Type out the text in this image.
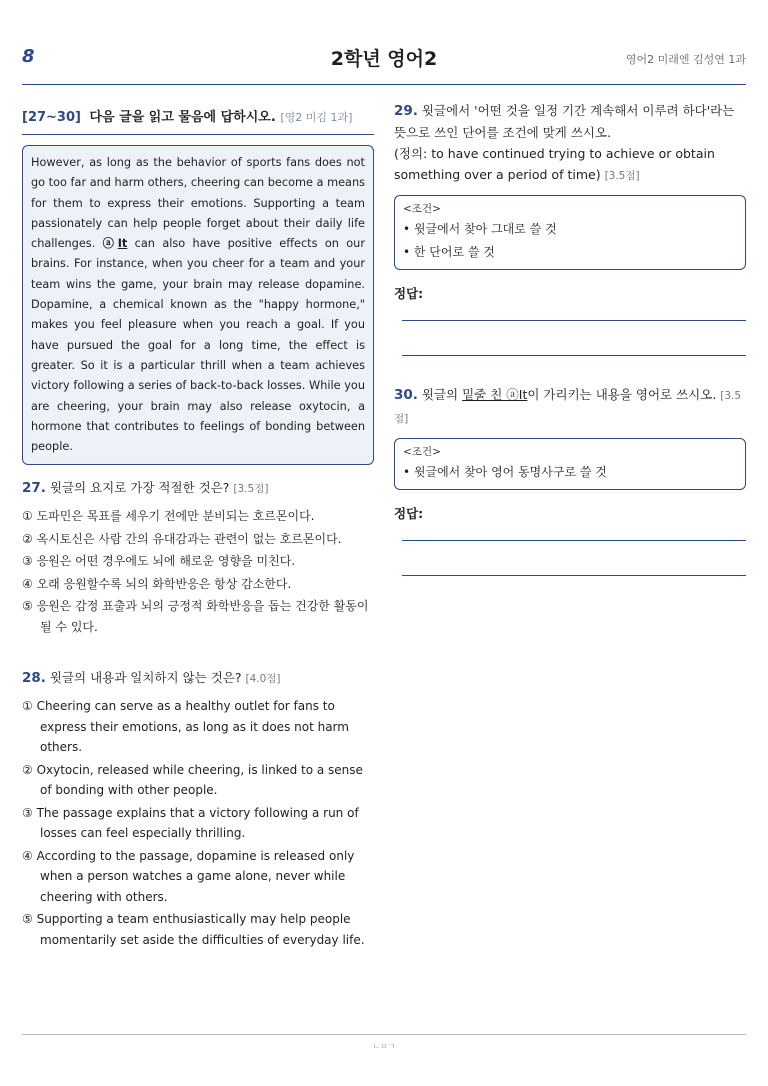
8	2학년 영어2	영어2 미래엔 김성연 1과
[27~30] 다음 글을 읽고 물음에 답하시오. [영2 미김 1과]
However, as long as the behavior of sports fans does not go too far and harm others, cheering can become a means for them to express their emotions. Supporting a team passionately can help people forget about their daily life challenges. ⓐIt can also have positive effects on our brains. For instance, when you cheer for a team and your team wins the game, your brain may release dopamine. Dopamine, a chemical known as the "happy hormone," makes you feel pleasure when you reach a goal. If you have pursued the goal for a long time, the effect is greater. So it is a particular thrill when a team achieves victory following a series of back-to-back losses. While you are cheering, your brain may also release oxytocin, a hormone that contributes to feelings of bonding between people.
27. 윗글의 요지로 가장 적절한 것은? [3.5점]
① 도파민은 목표를 세우기 전에만 분비되는 호르몬이다.
② 옥시토신은 사람 간의 유대감과는 관련이 없는 호르몬이다.
③ 응원은 어떤 경우에도 뇌에 해로운 영향을 미친다.
④ 오래 응원할수록 뇌의 화학반응은 항상 감소한다.
⑤ 응원은 감정 표출과 뇌의 긍정적 화학반응을 돕는 건강한 활동이 될 수 있다.
28. 윗글의 내용과 일치하지 않는 것은? [4.0점]
① Cheering can serve as a healthy outlet for fans to express their emotions, as long as it does not harm others.
② Oxytocin, released while cheering, is linked to a sense of bonding with other people.
③ The passage explains that a victory following a run of losses can feel especially thrilling.
④ According to the passage, dopamine is released only when a person watches a game alone, never while cheering with others.
⑤ Supporting a team enthusiastically may help people momentarily set aside the difficulties of everyday life.
29. 윗글에서 '어떤 것을 일정 기간 계속해서 이루려 하다'라는 뜻으로 쓰인 단어를 조건에 맞게 쓰시오.
(정의: to have continued trying to achieve or obtain something over a period of time) [3.5점]
<조건>
• 윗글에서 찾아 그대로 쓸 것
• 한 단어로 쓸 것
정답:
30. 윗글의 밑줄 친 ⓐIt이 가리키는 내용을 영어로 쓰시오. [3.5점]
<조건>
• 윗글에서 찾아 영어 동명사구로 쓸 것
정답:
ㄴㅇㄱ
